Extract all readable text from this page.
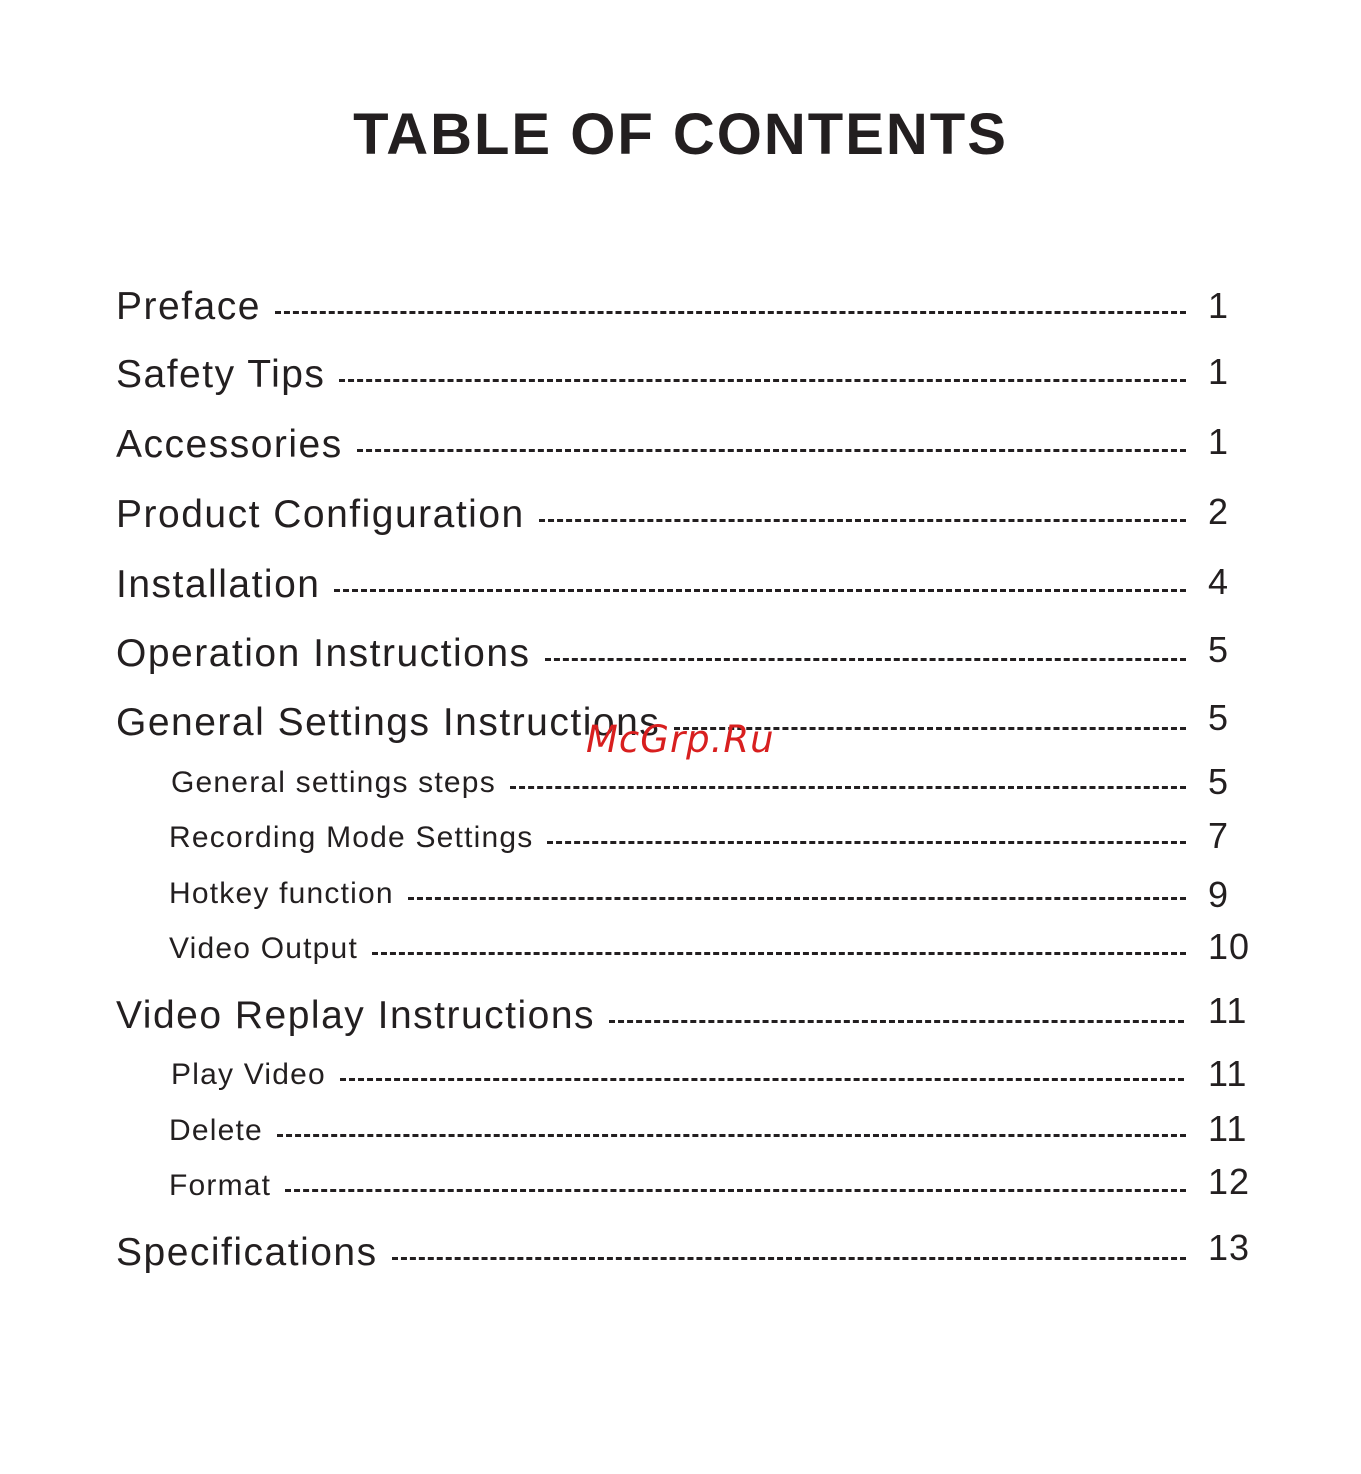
TABLE OF CONTENTS
Preface	1
Safety Tips	1
Accessories	1
Product Configuration	2
Installation	4
Operation Instructions	5
General Settings Instructions	5
General settings steps	5
Recording Mode Settings	7
Hotkey function	9
Video Output	10
Video Replay Instructions	11
Play Video	11
Delete	11
Format	12
Specifications	13
McGrp.Ru
